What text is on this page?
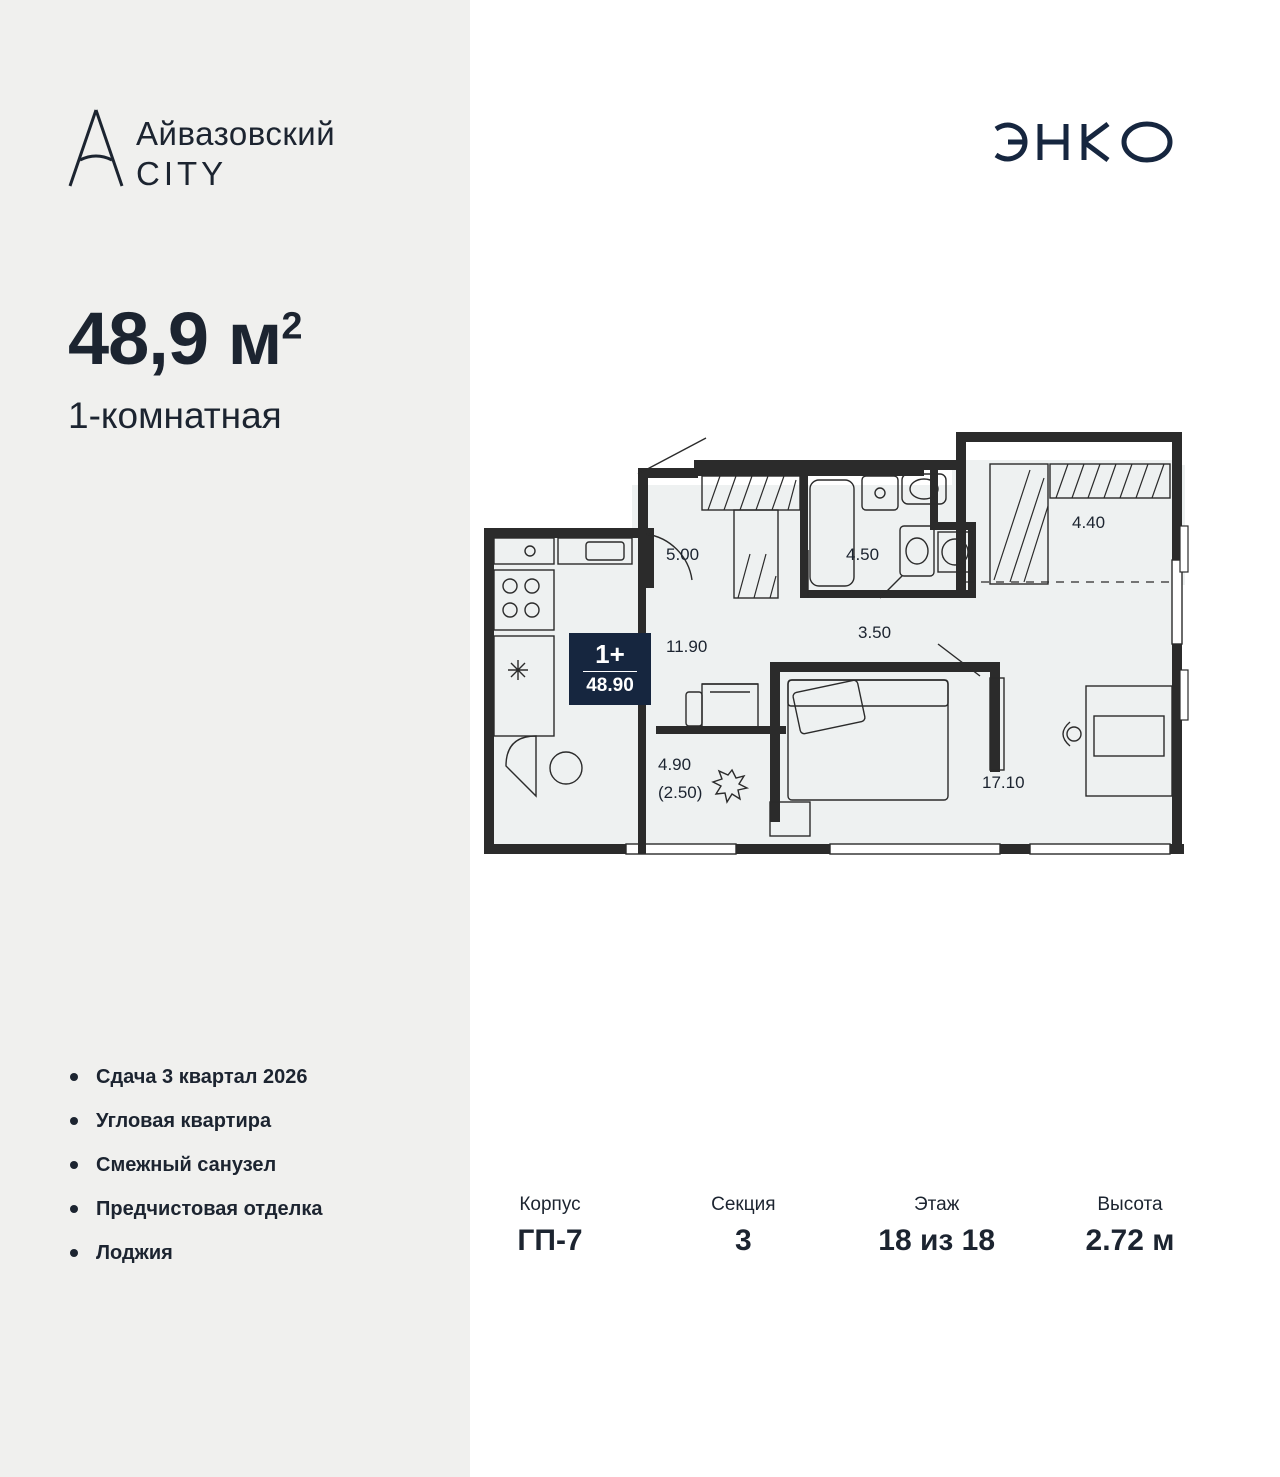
Айвазовский
CITY
48,9 $м^2$
1-комнатная
Сдача 3 квартал 2026
Угловая квартира
Смежный санузел
Предчистовая отделка
Лоджия
5.00	4.50
4.40
11.90
3.50
4.90
(2.50)
17.10
1+
48.90
Корпус
ГП-7
Секция
3
Этаж
18 из 18
Высота
2.72 м
